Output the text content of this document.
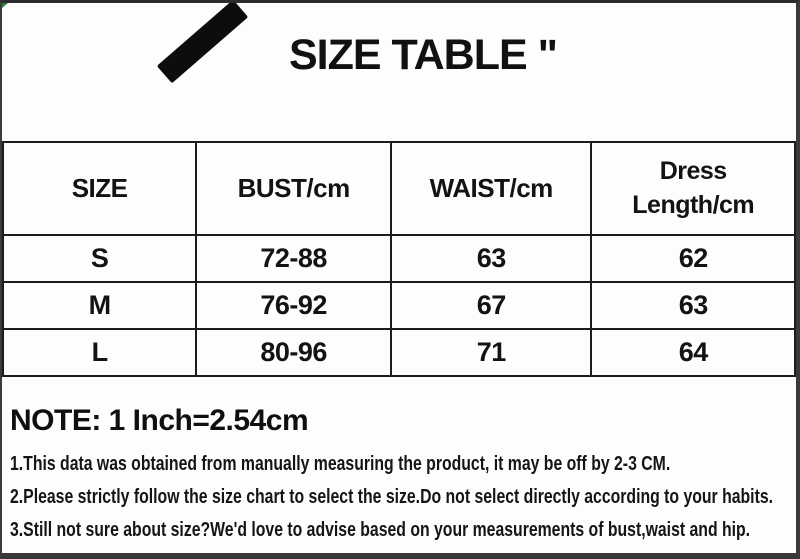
SIZE TABLE "
SIZE	BUST/cm	WAIST/cm	Dress Length/cm
S	72-88	63	62
M	76-92	67	63
L	80-96	71	64
NOTE: 1 Inch=2.54cm
1.This data was obtained from manually measuring the product, it may be off by 2-3 CM.
2.Please strictly follow the size chart to select the size.Do not select directly according to your habits.
3.Still not sure about size?We'd love to advise based on your measurements of bust,waist and hip.
